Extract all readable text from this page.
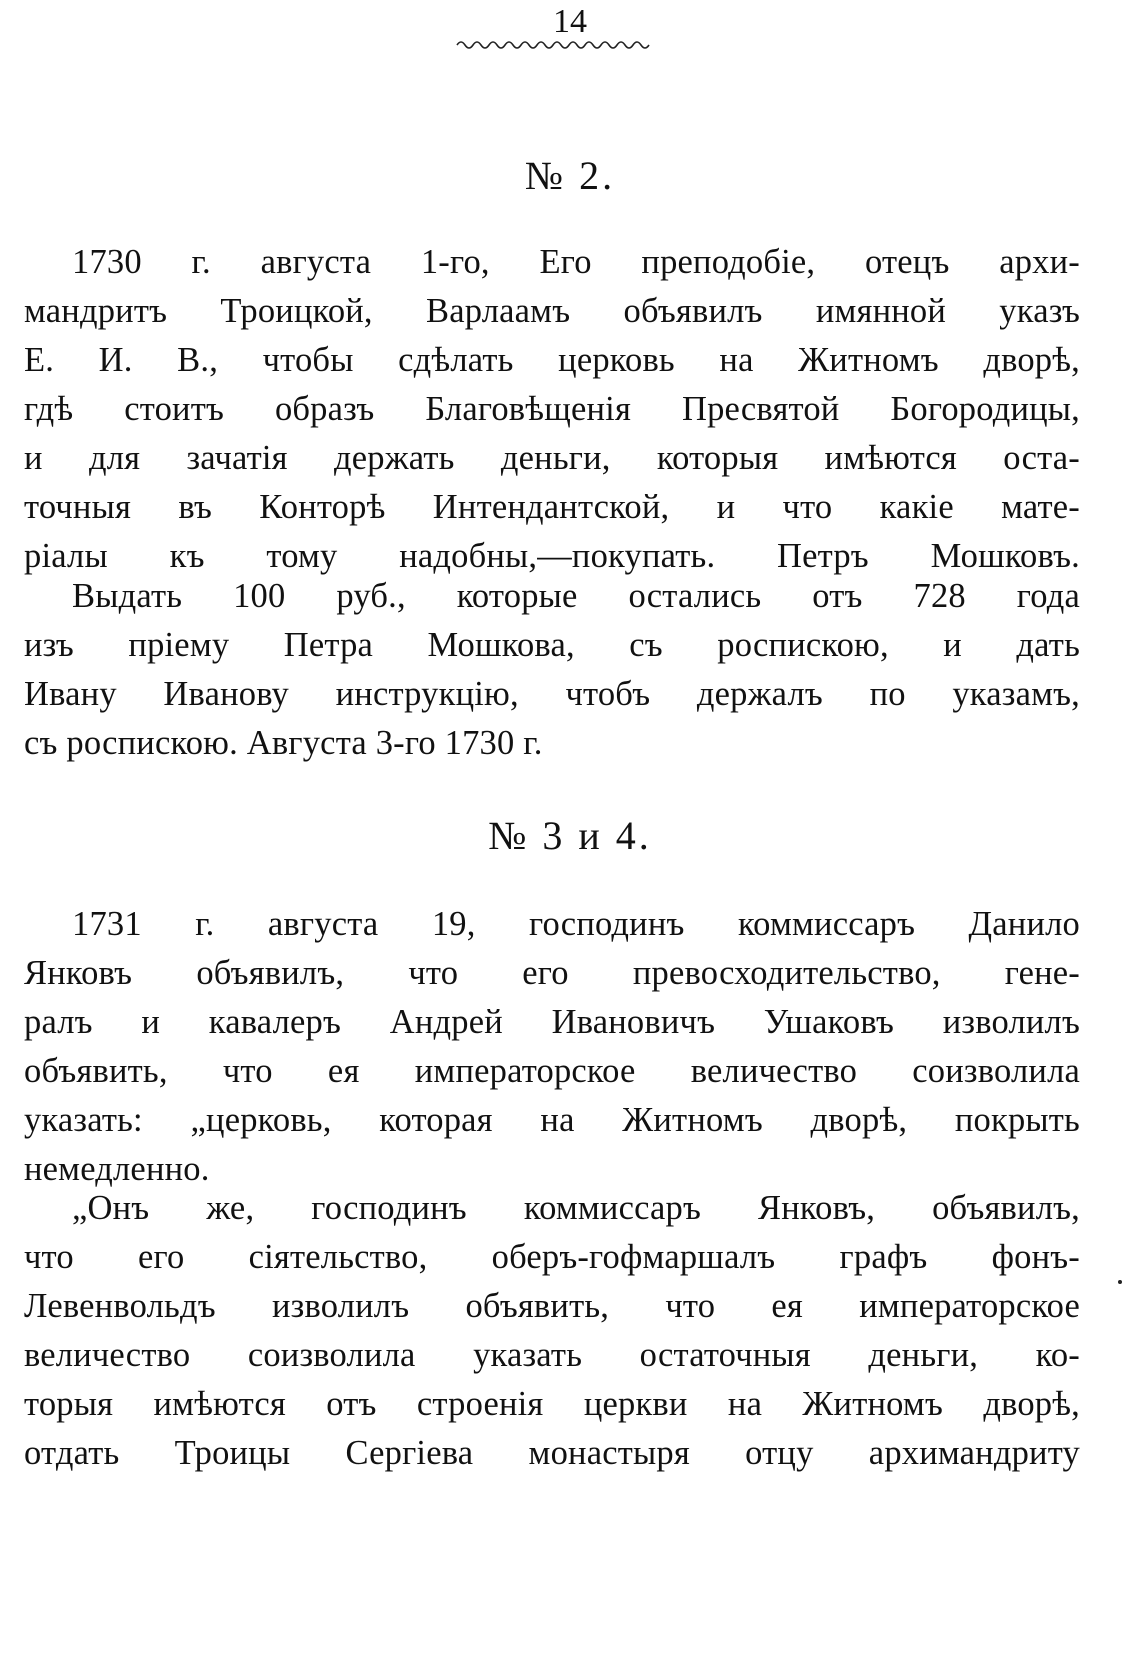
14
№ 2.
1730 г. августа 1-го, Его преподобіе, отецъ архи-
мандритъ Троицкой, Варлаамъ объявилъ имянной указъ
Е. И. В., чтобы сдѣлать церковь на Житномъ дворѣ,
гдѣ стоитъ образъ Благовѣщенія Пресвятой Богородицы,
и для зачатія держать деньги, которыя имѣются оста-
точныя въ Конторѣ Интендантской, и что какіе мате-
ріалы къ тому надобны,—покупать. Петръ Мошковъ.
Выдать 100 руб., которые остались отъ 728 года
изъ пріему Петра Мошкова, съ роспискою, и дать
Ивану Иванову инструкцію, чтобъ держалъ по указамъ,
съ роспискою. Августа 3-го 1730 г.
№ 3 и 4.
1731 г. августа 19, господинъ коммиссаръ Данило
Янковъ объявилъ, что его превосходительство, гене-
ралъ и кавалеръ Андрей Ивановичъ Ушаковъ изволилъ
объявить, что ея императорское величество соизволила
указать: „церковь, которая на Житномъ дворѣ, покрыть
немедленно.
„Онъ же, господинъ коммиссаръ Янковъ, объявилъ,
что его сіятельство, оберъ-гофмаршалъ графъ фонъ-
Левенвольдъ изволилъ объявить, что ея императорское
величество соизволила указать остаточныя деньги, ко-
торыя имѣются отъ строенія церкви на Житномъ дворѣ,
отдать Троицы Сергіева монастыря отцу архимандриту
